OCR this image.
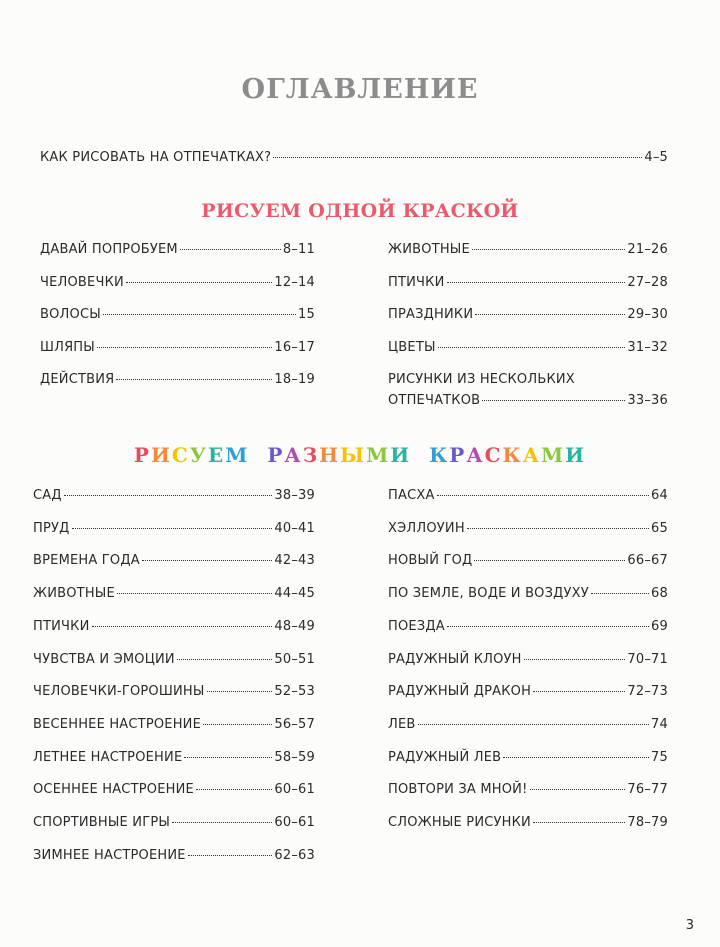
ОГЛАВЛЕНИЕ
КАК РИСОВАТЬ НА ОТПЕЧАТКАХ?	4–5
РИСУЕМ ОДНОЙ КРАСКОЙ
ДАВАЙ ПОПРОБУЕМ	8–11
ЧЕЛОВЕЧКИ	12–14
ВОЛОСЫ	15
ШЛЯПЫ	16–17
ДЕЙСТВИЯ	18–19
ЖИВОТНЫЕ	21–26
ПТИЧКИ	27–28
ПРАЗДНИКИ	29–30
ЦВЕТЫ	31–32
РИСУНКИ ИЗ НЕСКОЛЬКИХ
ОТПЕЧАТКОВ	33–36
РИСУЕМ РАЗНЫМИ КРАСКАМИ
САД	38–39
ПРУД	40–41
ВРЕМЕНА ГОДА	42–43
ЖИВОТНЫЕ	44–45
ПТИЧКИ	48–49
ЧУВСТВА И ЭМОЦИИ	50–51
ЧЕЛОВЕЧКИ-ГОРОШИНЫ	52–53
ВЕСЕННЕЕ НАСТРОЕНИЕ	56–57
ЛЕТНЕЕ НАСТРОЕНИЕ	58–59
ОСЕННЕЕ НАСТРОЕНИЕ	60–61
СПОРТИВНЫЕ ИГРЫ	60–61
ЗИМНЕЕ НАСТРОЕНИЕ	62–63
ПАСХА	64
ХЭЛЛОУИН	65
НОВЫЙ ГОД	66–67
ПО ЗЕМЛЕ, ВОДЕ И ВОЗДУХУ	68
ПОЕЗДА	69
РАДУЖНЫЙ КЛОУН	70–71
РАДУЖНЫЙ ДРАКОН	72–73
ЛЕВ	74
РАДУЖНЫЙ ЛЕВ	75
ПОВТОРИ ЗА МНОЙ!	76–77
СЛОЖНЫЕ РИСУНКИ	78–79
3
